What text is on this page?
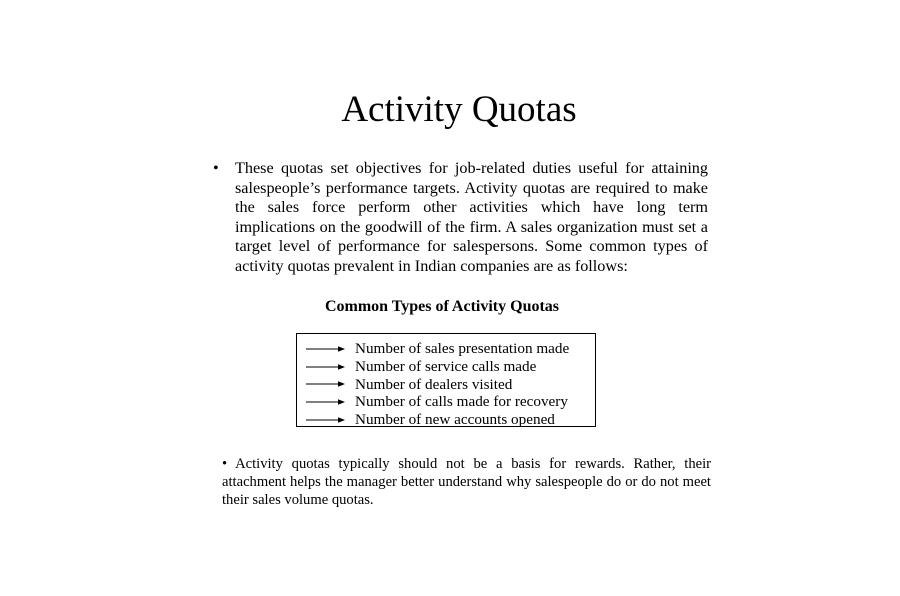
Activity Quotas
• These quotas set objectives for job-related duties useful for attaining salespeople’s performance targets. Activity quotas are required to make the sales force perform other activities which have long term implications on the goodwill of the firm. A sales organization must set a target level of performance for salespersons. Some common types of activity quotas prevalent in Indian companies are as follows:
Common Types of Activity Quotas
Number of sales presentation made
Number of service calls made
Number of dealers visited
Number of calls made for recovery
Number of new accounts opened
• Activity quotas typically should not be a basis for rewards. Rather, their attachment helps the manager better understand why salespeople do or do not meet their sales volume quotas.
